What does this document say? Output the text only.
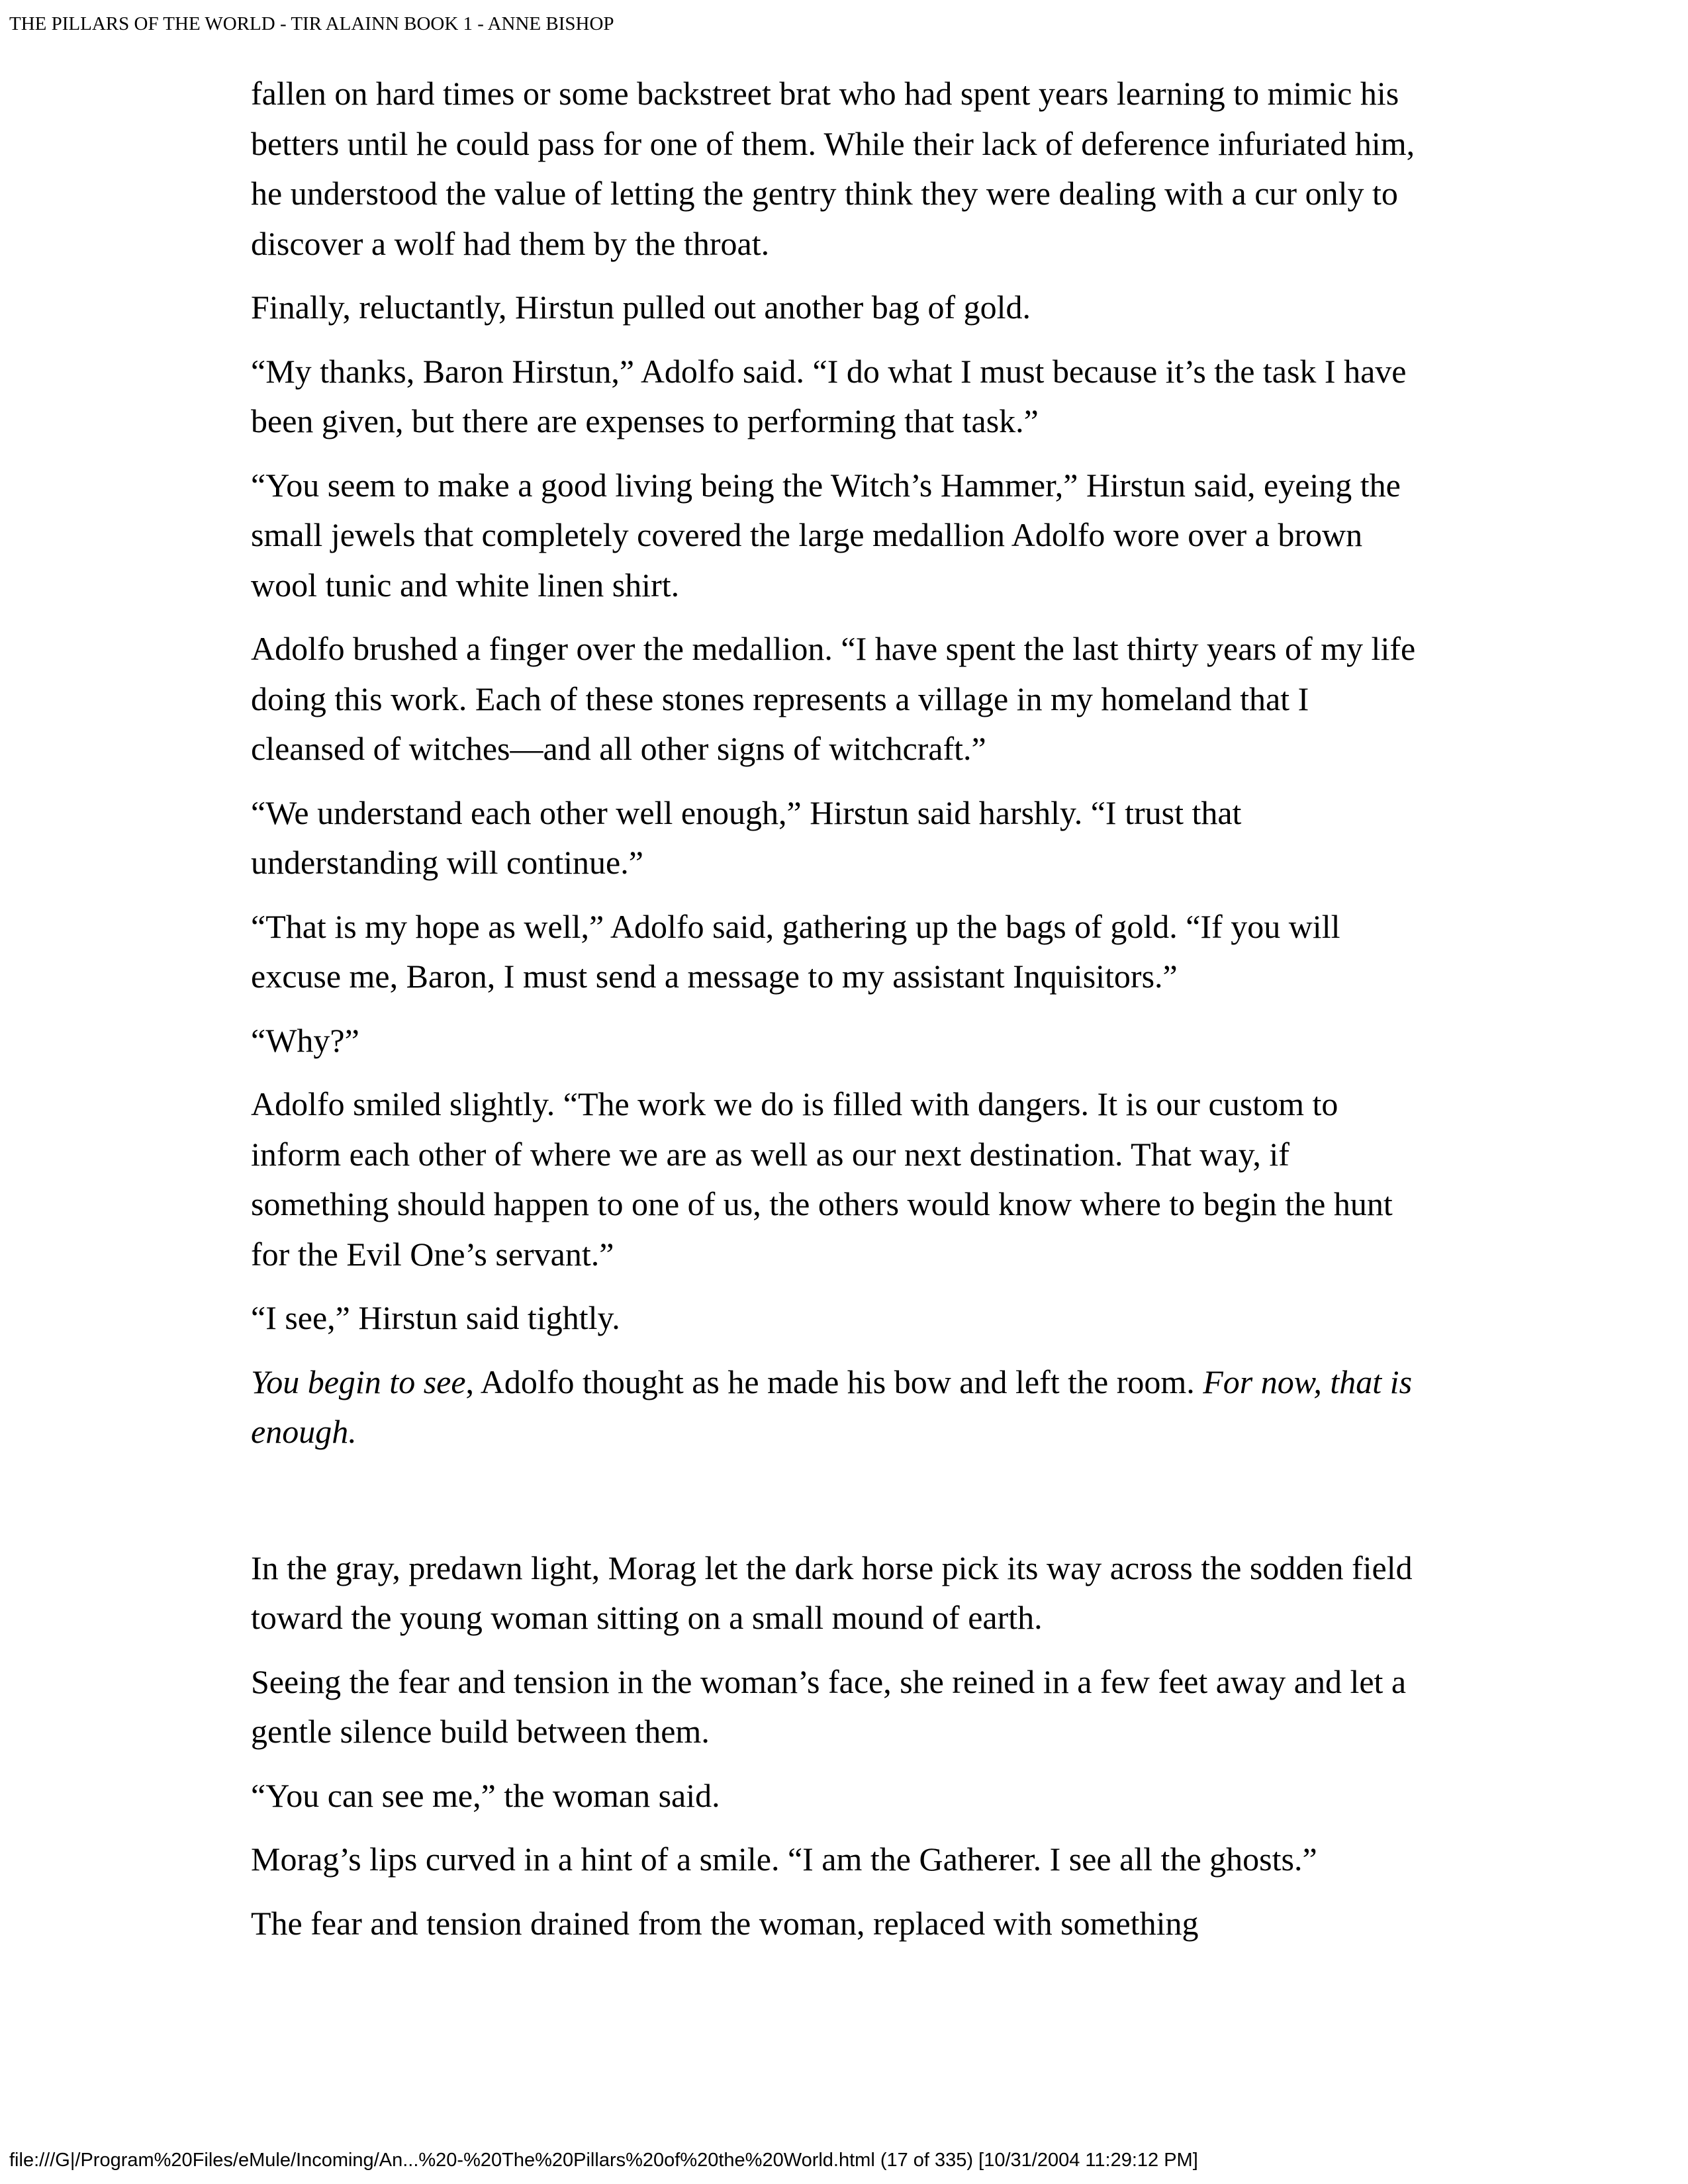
THE PILLARS OF THE WORLD - TIR ALAINN BOOK 1 - ANNE BISHOP

fallen on hard times or some backstreet brat who had spent years learning to mimic his betters until he could pass for one of them. While their lack of deference infuriated him, he understood the value of letting the gentry think they were dealing with a cur only to discover a wolf had them by the throat.

Finally, reluctantly, Hirstun pulled out another bag of gold.

“My thanks, Baron Hirstun,” Adolfo said. “I do what I must because it’s the task I have been given, but there are expenses to performing that task.”

“You seem to make a good living being the Witch’s Hammer,” Hirstun said, eyeing the small jewels that completely covered the large medallion Adolfo wore over a brown wool tunic and white linen shirt.

Adolfo brushed a finger over the medallion. “I have spent the last thirty years of my life doing this work. Each of these stones represents a village in my homeland that I cleansed of witches—and all other signs of witchcraft.”

“We understand each other well enough,” Hirstun said harshly. “I trust that understanding will continue.”

“That is my hope as well,” Adolfo said, gathering up the bags of gold. “If you will excuse me, Baron, I must send a message to my assistant Inquisitors.”

“Why?”

Adolfo smiled slightly. “The work we do is filled with dangers. It is our custom to inform each other of where we are as well as our next destination. That way, if something should happen to one of us, the others would know where to begin the hunt for the Evil One’s servant.”

“I see,” Hirstun said tightly.

You begin to see, Adolfo thought as he made his bow and left the room. For now, that is enough.

In the gray, predawn light, Morag let the dark horse pick its way across the sodden field toward the young woman sitting on a small mound of earth.

Seeing the fear and tension in the woman’s face, she reined in a few feet away and let a gentle silence build between them.

“You can see me,” the woman said.

Morag’s lips curved in a hint of a smile. “I am the Gatherer. I see all the ghosts.”

The fear and tension drained from the woman, replaced with something

file:///G|/Program%20Files/eMule/Incoming/An...%20-%20The%20Pillars%20of%20the%20World.html (17 of 335) [10/31/2004 11:29:12 PM]
